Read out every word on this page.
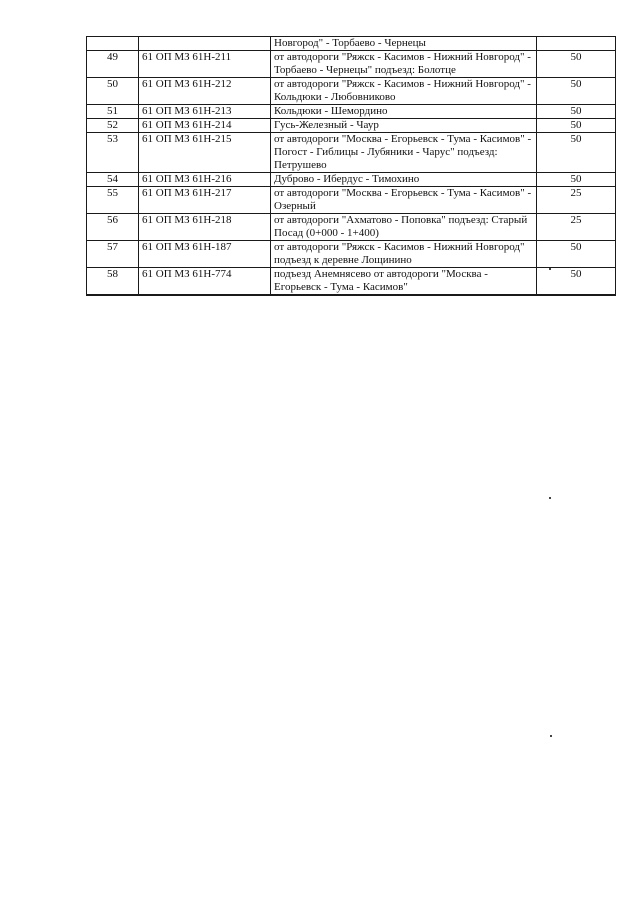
		Новгород" - Торбаево - Чернецы	
49	61 ОП МЗ 61Н-211	от автодороги "Ряжск - Касимов - Нижний Новгород" - Торбаево - Чернецы" подъезд: Болотце	50
50	61 ОП МЗ 61Н-212	от автодороги "Ряжск - Касимов - Нижний Новгород" - Кольдюки - Любовниково	50
51	61 ОП МЗ 61Н-213	Кольдюки - Шемордино	50
52	61 ОП МЗ 61Н-214	Гусь-Железный - Чаур	50
53	61 ОП МЗ 61Н-215	от автодороги "Москва - Егорьевск - Тума - Касимов" - Погост - Гиблицы - Лубяники - Чарус" подъезд: Петрушево	50
54	61 ОП МЗ 61Н-216	Дуброво - Ибердус - Тимохино	50
55	61 ОП МЗ 61Н-217	от автодороги "Москва - Егорьевск - Тума - Касимов" - Озерный	25
56	61 ОП МЗ 61Н-218	от автодороги "Ахматово - Поповка" подъезд: Старый Посад (0+000 - 1+400)	25
57	61 ОП МЗ 61Н-187	от автодороги "Ряжск - Касимов - Нижний Новгород" подъезд к деревне Лощинино	50
58	61 ОП МЗ 61Н-774	подъезд Анемнясево от автодороги "Москва - Егорьевск - Тума - Касимов"	50
